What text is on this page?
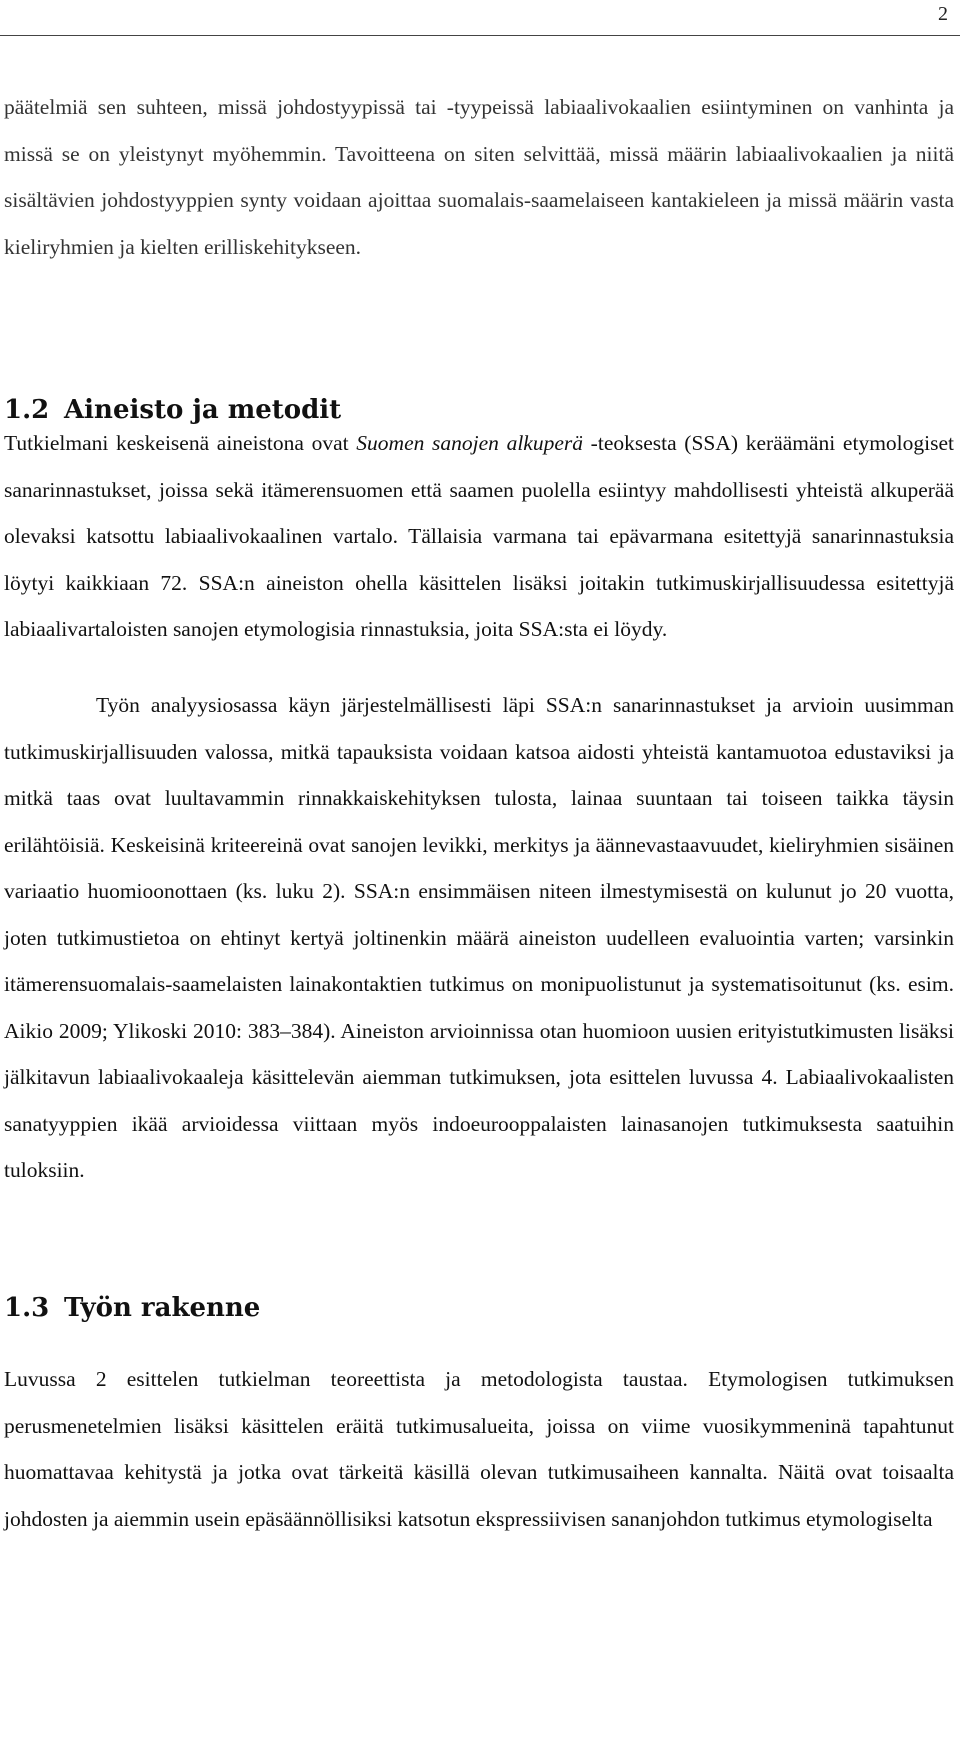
2

päätelmiä sen suhteen, missä johdostyypissä tai -tyypeissä labiaalivokaalien esiintyminen on vanhinta ja missä se on yleistynyt myöhemmin. Tavoitteena on siten selvittää, missä määrin labiaalivokaalien ja niitä sisältävien johdostyyppien synty voidaan ajoittaa suomalais-saamelaiseen kantakieleen ja missä määrin vasta kieliryhmien ja kielten erilliskehitykseen.

1.2 Aineisto ja metodit

Tutkielmani keskeisenä aineistona ovat Suomen sanojen alkuperä -teoksesta (SSA) keräämäni etymologiset sanarinnastukset, joissa sekä itämerensuomen että saamen puolella esiintyy mahdollisesti yhteistä alkuperää olevaksi katsottu labiaalivokaalinen vartalo. Tällaisia varmana tai epävarmana esitettyjä sanarinnastuksia löytyi kaikkiaan 72. SSA:n aineiston ohella käsittelen lisäksi joitakin tutkimuskirjallisuudessa esitettyjä labiaalivartaloisten sanojen etymologisia rinnastuksia, joita SSA:sta ei löydy.

Työn analyysiosassa käyn järjestelmällisesti läpi SSA:n sanarinnastukset ja arvioin uusimman tutkimuskirjallisuuden valossa, mitkä tapauksista voidaan katsoa aidosti yhteistä kantamuotoa edustaviksi ja mitkä taas ovat luultavammin rinnakkaiskehityksen tulosta, lainaa suuntaan tai toiseen taikka täysin erilähtöisiä. Keskeisinä kriteereinä ovat sanojen levikki, merkitys ja äännevastaavuudet, kieliryhmien sisäinen variaatio huomioonottaen (ks. luku 2). SSA:n ensimmäisen niteen ilmestymisestä on kulunut jo 20 vuotta, joten tutkimustietoa on ehtinyt kertyä joltinenkin määrä aineiston uudelleen evaluointia varten; varsinkin itämerensuomalais-saamelaisten lainakontaktien tutkimus on monipuolistunut ja systematisoitunut (ks. esim. Aikio 2009; Ylikoski 2010: 383–384). Aineiston arvioinnissa otan huomioon uusien erityistutkimusten lisäksi jälkitavun labiaalivokaaleja käsittelevän aiemman tutkimuksen, jota esittelen luvussa 4. Labiaalivokaalisten sanatyyppien ikää arvioidessa viittaan myös indoeurooppalaisten lainasanojen tutkimuksesta saatuihin tuloksiin.

1.3 Työn rakenne

Luvussa 2 esittelen tutkielman teoreettista ja metodologista taustaa. Etymologisen tutkimuksen perusmenetelmien lisäksi käsittelen eräitä tutkimusalueita, joissa on viime vuosikymmeninä tapahtunut huomattavaa kehitystä ja jotka ovat tärkeitä käsillä olevan tutkimusaiheen kannalta. Näitä ovat toisaalta johdosten ja aiemmin usein epäsäännöllisiksi katsotun ekspressiivisen sananjohdon tutkimus etymologiselta
